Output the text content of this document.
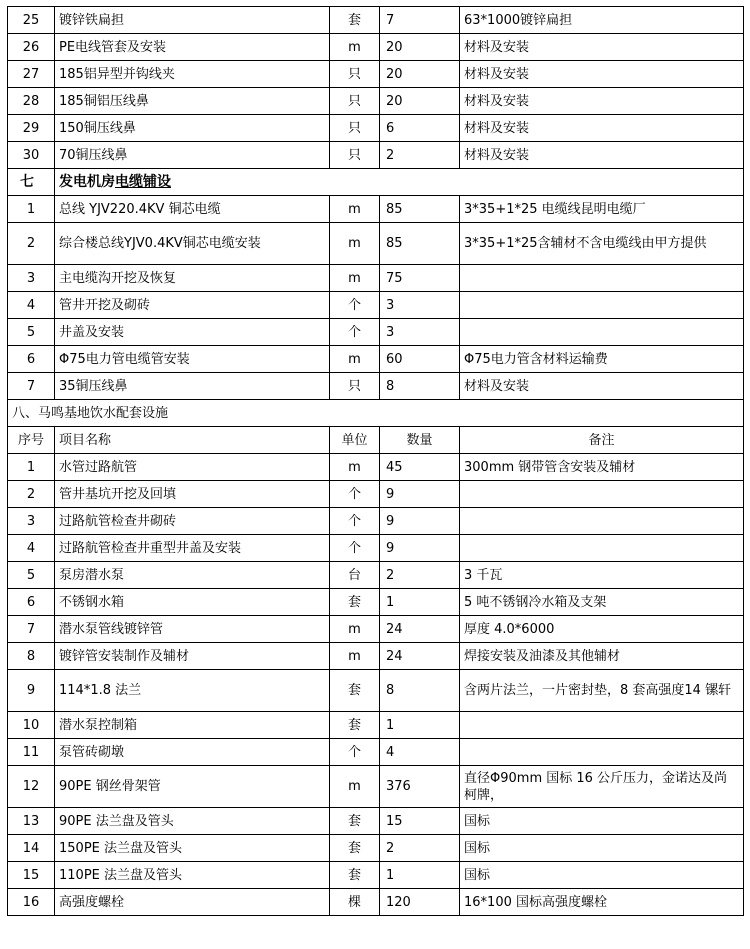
25	镀锌铁扁担	套	7	63*1000镀锌扁担
26	PE电线管套及安装	m	20	材料及安装
27	185铝异型并钩线夹	只	20	材料及安装
28	185铜铝压线鼻	只	20	材料及安装
29	150铜压线鼻	只	6	材料及安装
30	70铜压线鼻	只	2	材料及安装
七	发电机房电缆铺设			
1	总线 YJV220.4KV 铜芯电缆	m	85	3*35+1*25 电缆线昆明电缆厂
2	综合楼总线YJV0.4KV铜芯电缆安装	m	85	3*35+1*25含辅材不含电缆线由甲方提供
3	主电缆沟开挖及恢复	m	75	
4	管井开挖及砌砖	个	3	
5	井盖及安装	个	3	
6	Φ75电力管电缆管安装	m	60	Φ75电力管含材料运输费
7	35铜压线鼻	只	8	材料及安装
八、马鸣基地饮水配套设施				
序号	项目名称	单位	数量	备注
1	水管过路航管	m	45	300mm 钢带管含安装及辅材
2	管井基坑开挖及回填	个	9	
3	过路航管检查井砌砖	个	9	
4	过路航管检查井重型井盖及安装	个	9	
5	泵房潜水泵	台	2	3 千瓦
6	不锈钢水箱	套	1	5 吨不锈钢冷水箱及支架
7	潜水泵管线镀锌管	m	24	厚度 4.0*6000
8	镀锌管安装制作及辅材	m	24	焊接安装及油漆及其他辅材
9	114*1.8 法兰	套	8	含两片法兰，一片密封垫，8 套高强度14 镙轩
10	潜水泵控制箱	套	1	
11	泵管砖砌墩	个	4	
12	90PE 钢丝骨架管	m	376	直径Φ90mm 国标 16 公斤压力，金诺达及尚柯牌，
13	90PE 法兰盘及管头	套	15	国标
14	150PE 法兰盘及管头	套	2	国标
15	110PE 法兰盘及管头	套	1	国标
16	高强度螺栓	棵	120	16*100 国标高强度螺栓
